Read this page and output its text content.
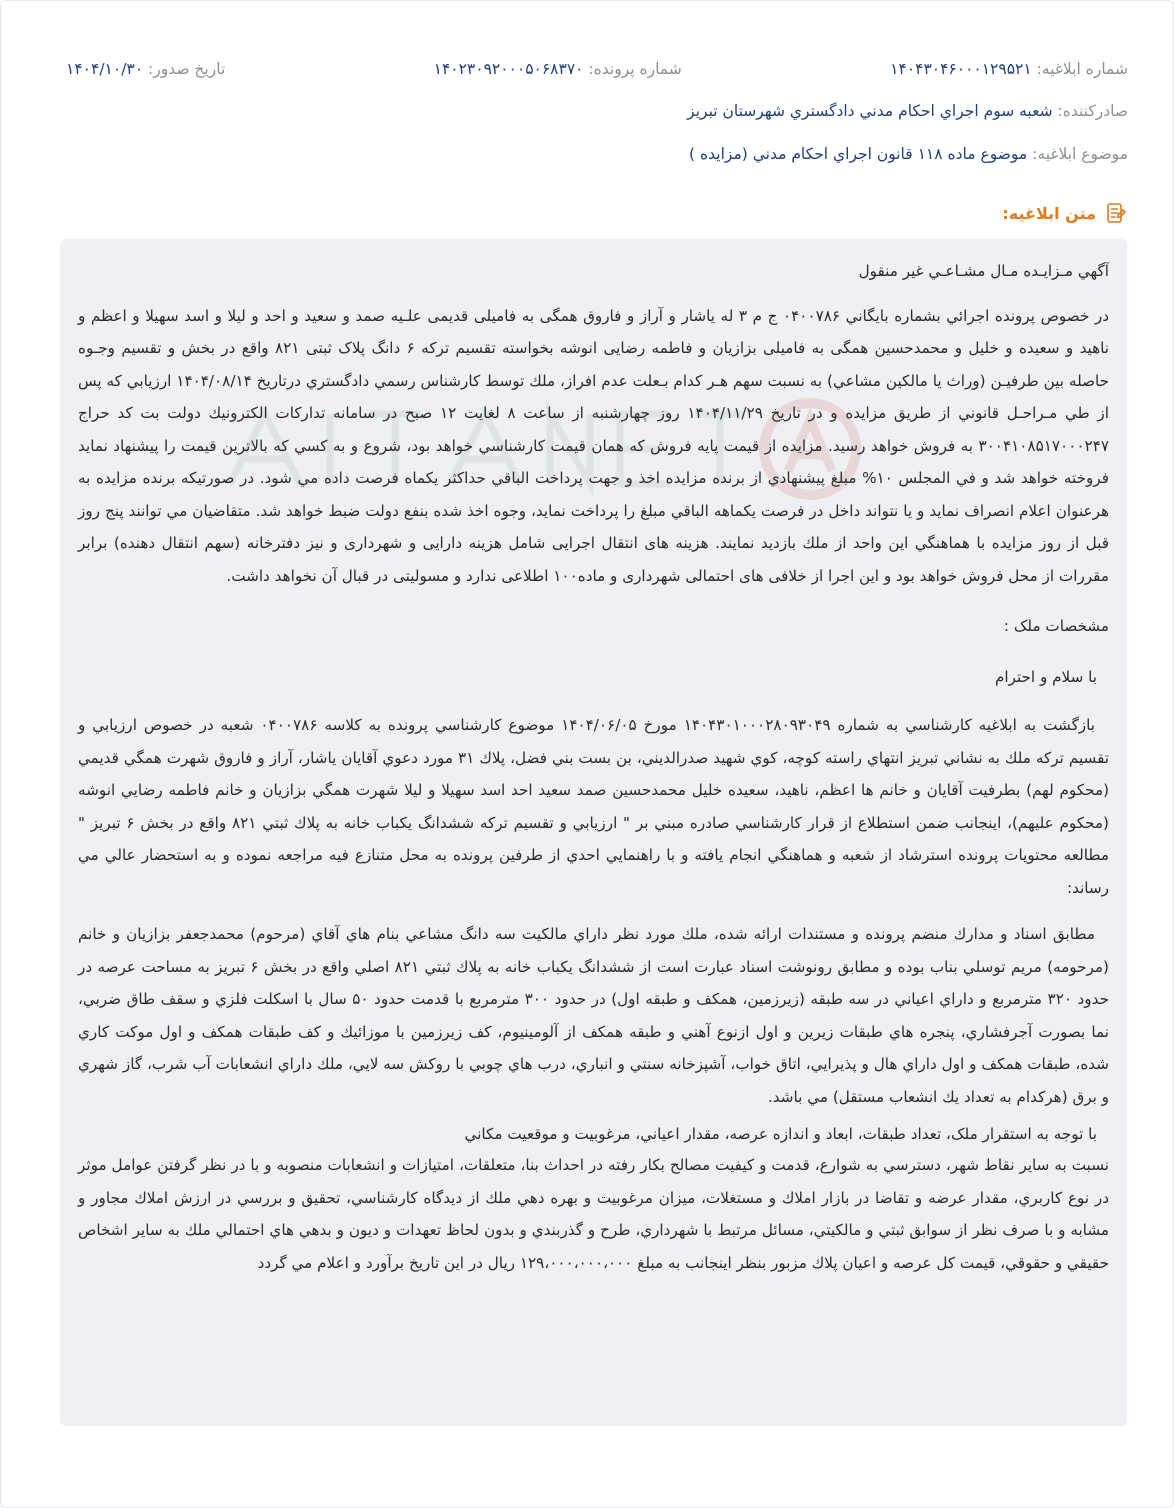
شماره ابلاغيه: ۱۴۰۴۳۰۴۶۰۰۰۱۲۹۵۲۱
شماره پرونده: ۱۴۰۲۳۰۹۲۰۰۰۵۰۶۸۳۷۰
تاريخ صدور: ۱۴۰۴/۱۰/۳۰
صادرکننده: شعبه سوم اجراي احکام مدني دادگستري شهرستان تبريز
موضوع ابلاغيه: موضوع ماده ۱۱۸ قانون اجراي احكام مدني (مزايده )
متن ابلاغيه:

آگهي مـزايـده مـال مشـاعـي غير منقول

در خصوص پرونده اجرائي بشماره بايگاني ۰۴۰۰۷۸۶ ج م ۳ له ياشار و آراز و فاروق همگی به فاميلی قديمی علـيه صمد و سعيد و احد و ليلا و اسد سهيلا و اعظم و ناهيد و سعيده و خليل و محمدحسين همگی به فاميلی بزازيان و فاطمه رضايی انوشه بخواسته تقسيم ترکه ۶ دانگ پلاک ثبتی ۸۲۱ واقع در بخش و تقسيم وجـوه حاصله بين طرفيـن (وراث يا مالکين مشاعي) به نسبت سهم هـر کدام بـعلت عدم افراز، ملك توسط کارشناس رسمي دادگستري درتاريخ ۱۴۰۴/۰۸/۱۴ ارزيابي که پس از طي مـراحـل قانوني از طريق مزايده و در تاريخ ۱۴۰۴/۱۱/۲۹ روز چهارشنبه از ساعت ۸ لغايت ۱۲ صبح در سامانه تداركات الكترونيك دولت بت كد حراج ۳۰۰۴۱۰۸۵۱۷۰۰۰۲۴۷ به فروش خواهد رسيد. مزايده از قيمت پايه فروش كه همان قيمت كارشناسي خواهد بود، شروع و به كسي كه بالاترين قيمت را پيشنهاد نمايد فروخته خواهد شد و في المجلس ۱۰% مبلغ پيشنهادي از برنده مزايده اخذ و جهت پرداخت الباقي حداكثر يكماه فرصت داده مي شود. در صورتيكه برنده مزايده به هرعنوان اعلام انصراف نمايد و يا نتواند داخل در فرصت يكماهه الباقي مبلغ را پرداخت نمايد، وجوه اخذ شده بنفع دولت ضبط خواهد شد. متقاضيان مي توانند پنج روز قبل از روز مزايده با هماهنگي اين واحد از ملك بازديد نمايند. هزينه های انتقال اجرايی شامل هزينه دارايی و شهرداری و نيز دفترخانه (سهم انتقال دهنده) برابر مقررات از محل فروش خواهد بود و اين اجرا از خلافی های احتمالی شهرداری و ماده۱۰۰ اطلاعی ندارد و مسوليتی در قبال آن نخواهد داشت.

مشخصات ملک :

با سلام و احترام

بازگشت به ابلاغيه كارشناسي به شماره ۱۴۰۴۳۰۱۰۰۰۲۸۰۹۳۰۴۹ مورخ ۱۴۰۴/۰۶/۰۵ موضوع كارشناسي پرونده به كلاسه ۰۴۰۰۷۸۶ شعبه در خصوص ارزيابي و تقسيم تركه ملك به نشاني تبريز انتهاي راسته كوچه، كوي شهيد صدرالديني، بن بست بني فضل، پلاك ۳۱ مورد دعوي آقايان ياشار، آراز و فاروق شهرت همگي قديمي (محكوم لهم) بطرفيت آقايان و خانم ها اعظم، ناهيد، سعيده خليل محمدحسين صمد سعيد احد اسد سهيلا و ليلا شهرت همگي بزازيان و خانم فاطمه رضايي انوشه (محكوم عليهم)، اينجانب ضمن استطلاع از قرار كارشناسي صادره مبني بر " ارزيابي و تقسيم تركه ششدانگ يكباب خانه به پلاك ثبتي ۸۲۱ واقع در بخش ۶ تبريز " مطالعه محتويات پرونده استرشاد از شعبه و هماهنگي انجام يافته و با راهنمايي احدي از طرفين پرونده به محل متنازع فيه مراجعه نموده و به استحضار عالي مي رساند:

مطابق اسناد و مدارك منضم پرونده و مستندات ارائه شده، ملك مورد نظر داراي مالكيت سه دانگ مشاعي بنام هاي آقاي (مرحوم) محمدجعفر بزازيان و خانم (مرحومه) مريم توسلي بناب بوده و مطابق رونوشت اسناد عبارت است از ششدانگ يكباب خانه به پلاك ثبتي ۸۲۱ اصلي واقع در بخش ۶ تبريز به مساحت عرصه در حدود ۳۲۰ مترمربع و داراي اعياني در سه طبقه (زيرزمين، همكف و طبقه اول) در حدود ۳۰۰ مترمربع با قدمت حدود ۵۰ سال با اسكلت فلزي و سقف طاق ضربي، نما بصورت آجرفشاري، پنجره هاي طبقات زيرين و اول ازنوع آهني و طبقه همكف از آلومينيوم، كف زيرزمين با موزائيك و كف طبقات همكف و اول موكت كاري شده، طبقات همكف و اول داراي هال و پذيرايي، اتاق خواب، آشپزخانه سنتي و انباري، درب هاي چوبي با روكش سه لايي، ملك داراي انشعابات آب شرب، گاز شهري و برق (هركدام به تعداد يك انشعاب مستقل) مي باشد.

با توجه به استقرار ملک، تعداد طبقات، ابعاد و اندازه عرصه، مقدار اعياني، مرغوبيت و موقعيت مكاني
نسبت به ساير نقاط شهر، دسترسي به شوارع، قدمت و كيفيت مصالح بكار رفته در احداث بنا، متعلقات، امتيازات و انشعابات منصوبه و با در نظر گرفتن عوامل موثر در نوع كاربري، مقدار عرضه و تقاضا در بازار املاك و مستغلات، ميزان مرغوبيت و بهره دهي ملك از ديدگاه كارشناسي، تحقيق و بررسي در ارزش املاك مجاور و مشابه و با صرف نظر از سوابق ثبتي و مالكيتي، مسائل مرتبط با شهرداري، طرح و گذربندي و بدون لحاظ تعهدات و ديون و بدهي هاي احتمالي ملك به ساير اشخاص حقيقي و حقوقي، قيمت كل عرصه و اعيان پلاك مزبور بنظر اينجانب به مبلغ ۱۲۹،۰۰۰،۰۰۰،۰۰۰ ريال در اين تاريخ برآورد و اعلام مي گردد
